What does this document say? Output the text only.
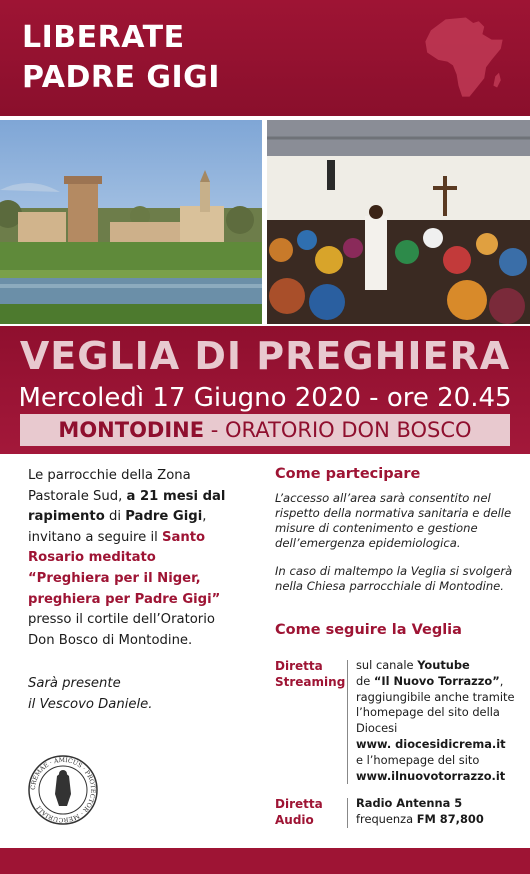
LIBERATE
PADRE GIGI
VEGLIA DI PREGHIERA
Mercoledì 17 Giugno 2020 - ore 20.45
MONTODINE - ORATORIO DON BOSCO

Le parrocchie della Zona Pastorale Sud, a 21 mesi dal rapimento di Padre Gigi, invitano a seguire il Santo Rosario meditato “Preghiera per il Niger, preghiera per Padre Gigi” presso il cortile dell’Oratorio Don Bosco di Montodine.

Sarà presente
il Vescovo Daniele.
CREMAE · AMICUS · PROTECTOR · MERCURIALI
Come partecipare

L’accesso all’area sarà consentito nel rispetto della normativa sanitaria e delle misure di contenimento e gestione dell’emergenza epidemiologica.

In caso di maltempo la Veglia si svolgerà nella Chiesa parrocchiale di Montodine.

Come seguire la Veglia
Diretta Streaming
sul canale Youtube
de “Il Nuovo Torrazzo”, raggiungibile anche tramite l’homepage del sito della Diocesi
www. diocesidicrema.it
e l’homepage del sito
www.ilnuovotorrazzo.it
Diretta Audio
Radio Antenna 5
frequenza FM 87,800
